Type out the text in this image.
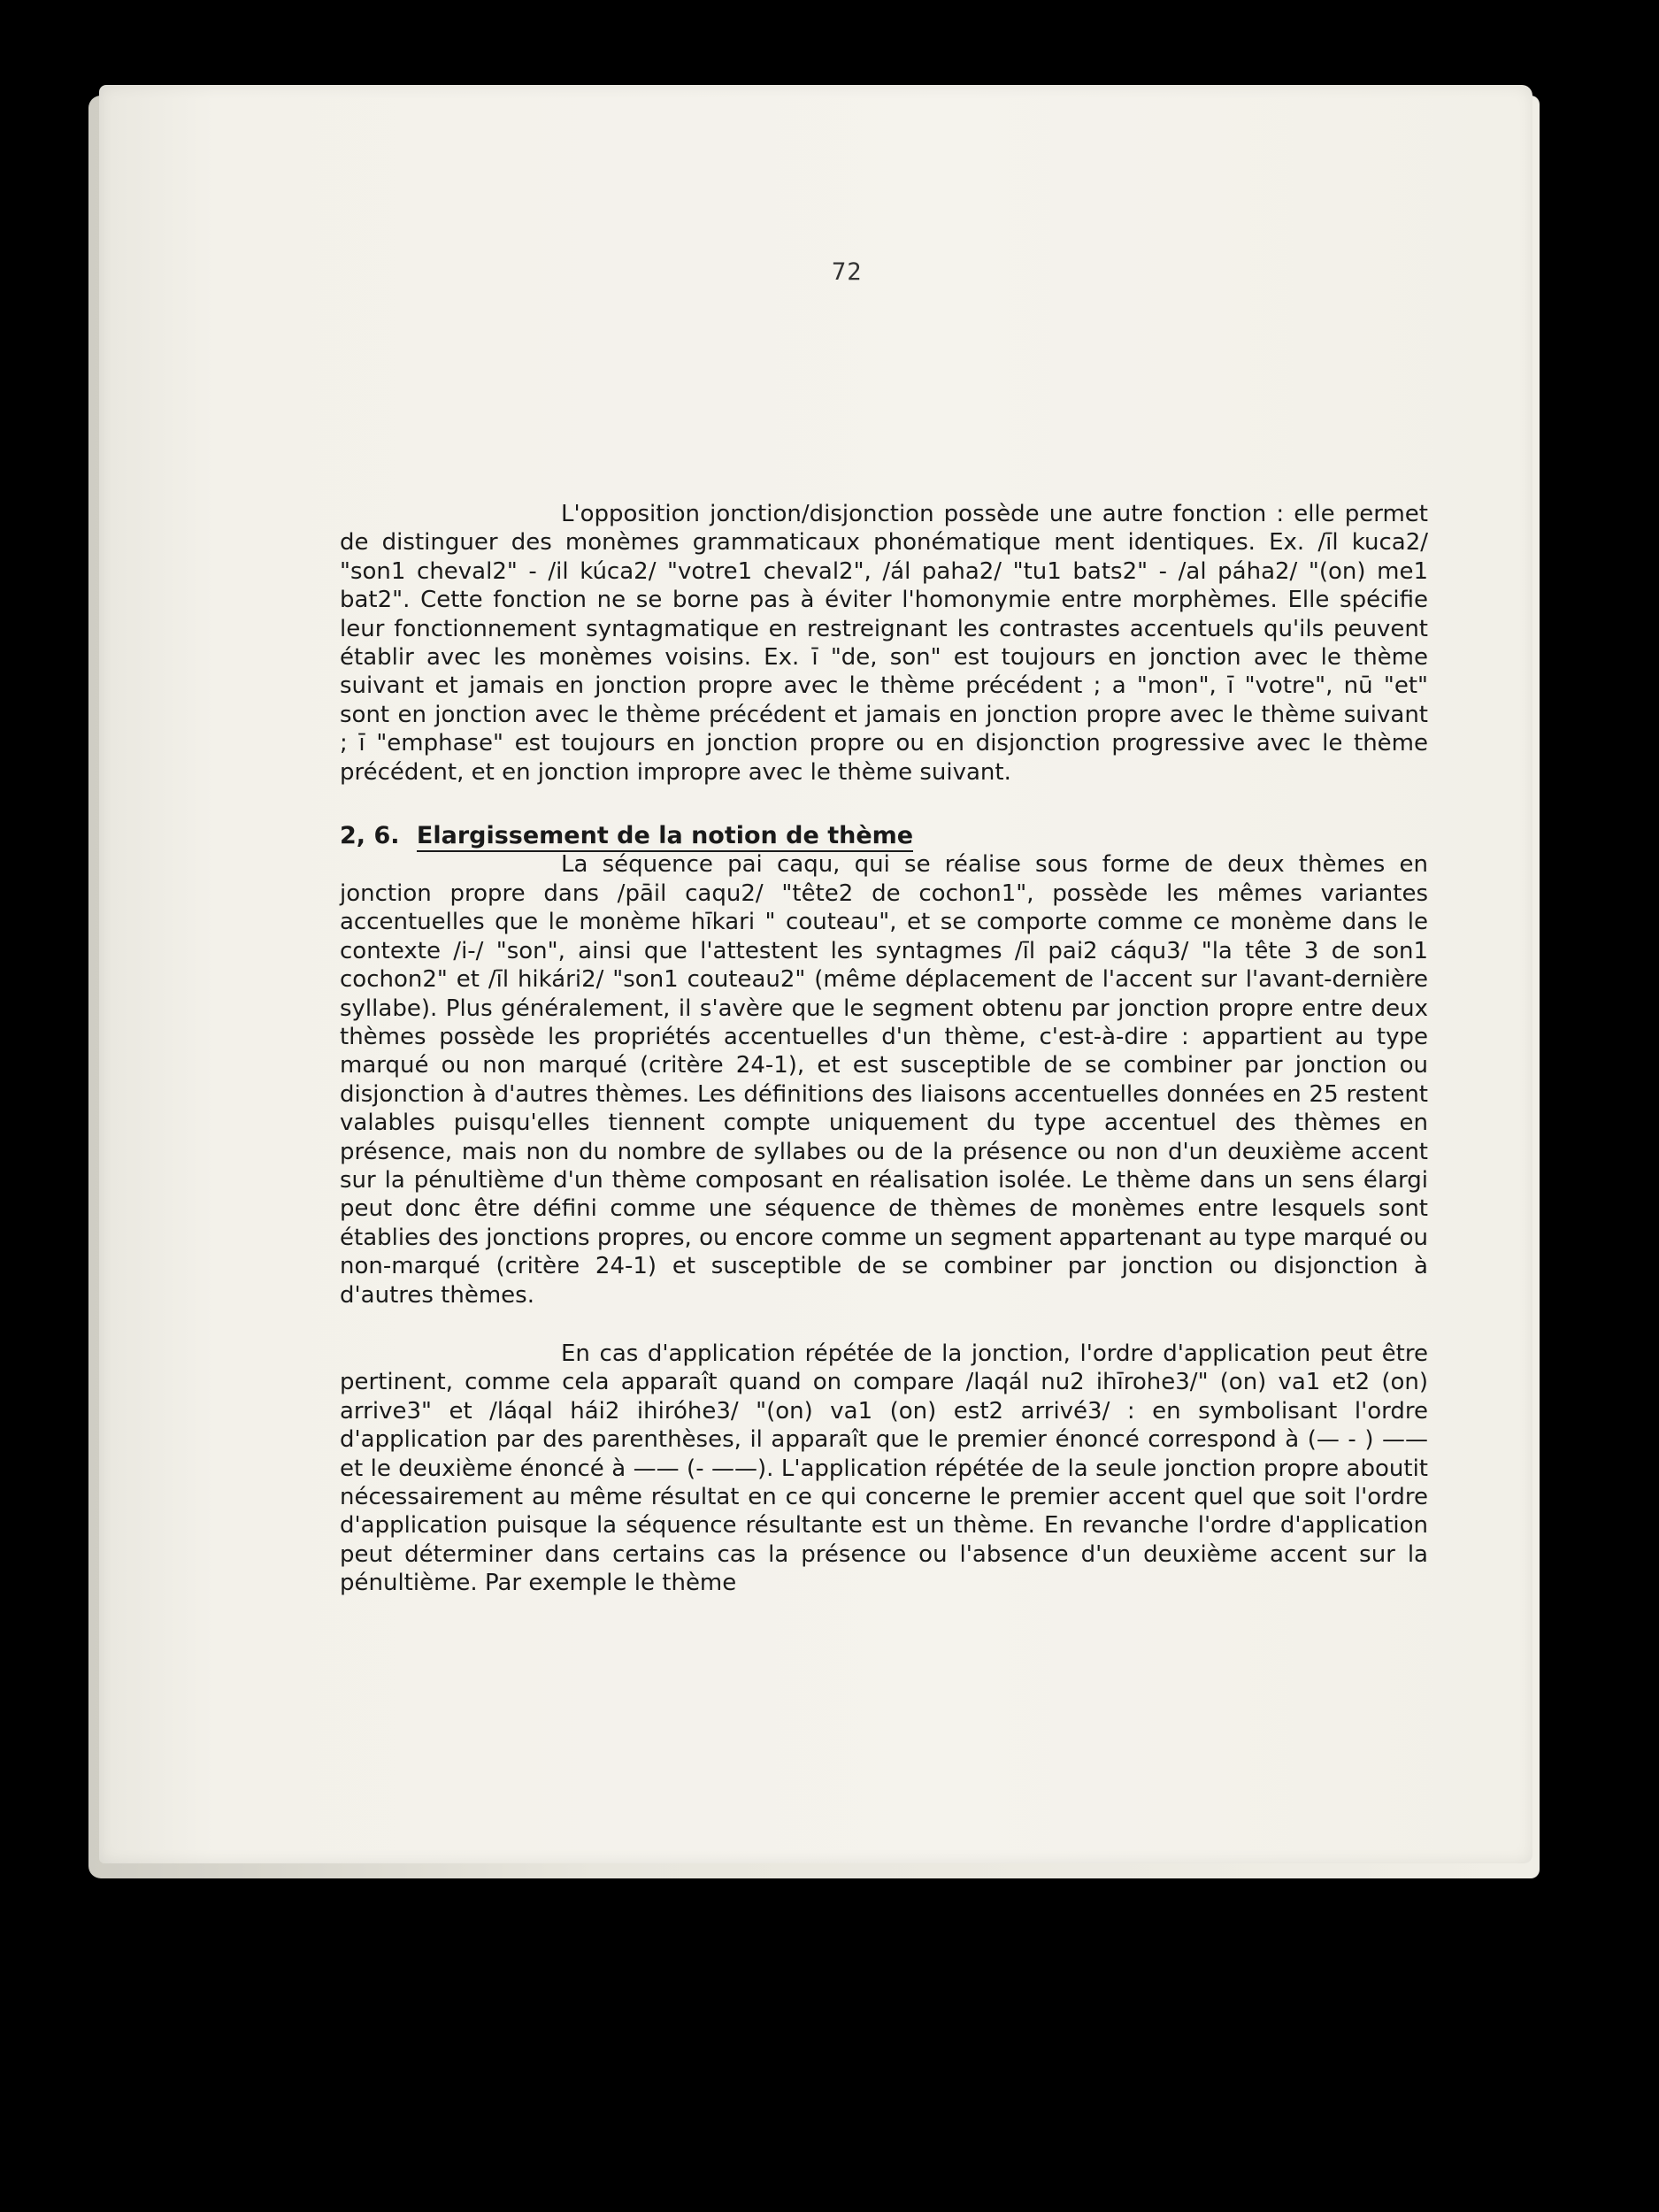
72

L'opposition jonction/disjonction possède une autre fonction : elle permet de distinguer des monèmes grammaticaux phonématique ment identiques. Ex. /īl kuca2/ "son1 cheval2" - /il kúca2/ "votre1 cheval2", /ál paha2/ "tu1 bats2" - /al páha2/ "(on) me1 bat2". Cette fonction ne se borne pas à éviter l'homonymie entre morphèmes. Elle spécifie leur fonctionnement syntagmatique en restreignant les contrastes accentuels qu'ils peuvent établir avec les monèmes voisins. Ex. ī "de, son" est toujours en jonction avec le thème suivant et jamais en jonction propre avec le thème précédent ; a "mon", ī "votre", nū "et" sont en jonction avec le thème précédent et jamais en jonction propre avec le thème suivant ; ī "emphase" est toujours en jonction propre ou en disjonction progressive avec le thème précédent, et en jonction impropre avec le thème suivant.

2, 6. Elargissement de la notion de thème

La séquence pai caqu, qui se réalise sous forme de deux thèmes en jonction propre dans /pāil caqu2/ "tête2 de cochon1", possède les mêmes variantes accentuelles que le monème hīkari " couteau", et se comporte comme ce monème dans le contexte /i-/ "son", ainsi que l'attestent les syntagmes /īl pai2 cáqu3/ "la tête 3 de son1 cochon2" et /īl hikári2/ "son1 couteau2" (même déplacement de l'accent sur l'avant-dernière syllabe). Plus généralement, il s'avère que le segment obtenu par jonction propre entre deux thèmes possède les propriétés accentuelles d'un thème, c'est-à-dire : appartient au type marqué ou non marqué (critère 24-1), et est susceptible de se combiner par jonction ou disjonction à d'autres thèmes. Les définitions des liaisons accentuelles données en 25 restent valables puisqu'elles tiennent compte uniquement du type accentuel des thèmes en présence, mais non du nombre de syllabes ou de la présence ou non d'un deuxième accent sur la pénultième d'un thème composant en réalisation isolée. Le thème dans un sens élargi peut donc être défini comme une séquence de thèmes de monèmes entre lesquels sont établies des jonctions propres, ou encore comme un segment appartenant au type marqué ou non-marqué (critère 24-1) et susceptible de se combiner par jonction ou disjonction à d'autres thèmes.

En cas d'application répétée de la jonction, l'ordre d'application peut être pertinent, comme cela apparaît quand on compare /laqál nu2 ihīrohe3/" (on) va1 et2 (on) arrive3" et /láqal hái2 ihiróhe3/ "(on) va1 (on) est2 arrivé3/ : en symbolisant l'ordre d'application par des parenthèses, il apparaît que le premier énoncé correspond à (— - ) —— et le deuxième énoncé à —— (- ——). L'application répétée de la seule jonction propre aboutit nécessairement au même résultat en ce qui concerne le premier accent quel que soit l'ordre d'application puisque la séquence résultante est un thème. En revanche l'ordre d'application peut déterminer dans certains cas la présence ou l'absence d'un deuxième accent sur la pénultième. Par exemple le thème
